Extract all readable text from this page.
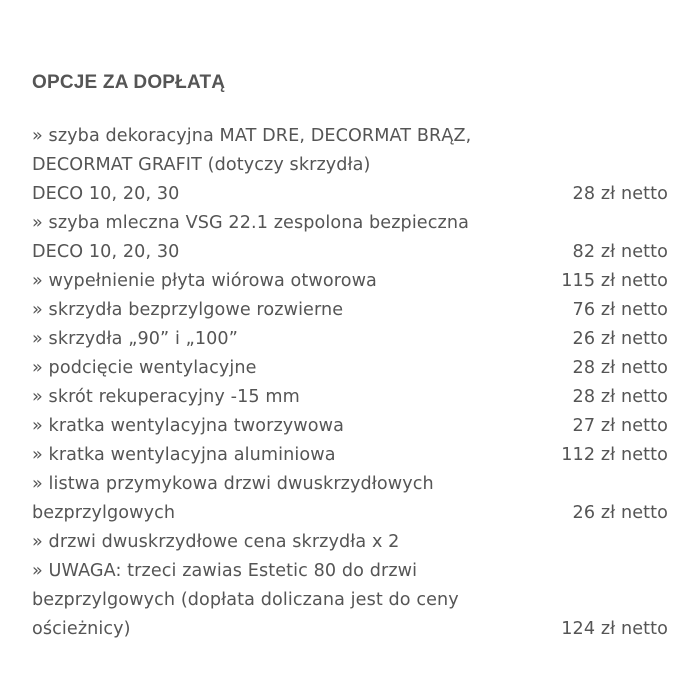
OPCJE ZA DOPŁATĄ
» szyba dekoracyjna MAT DRE, DECORMAT BRĄZ,
DECORMAT GRAFIT (dotyczy skrzydła)
DECO 10, 20, 30	28 zł netto
» szyba mleczna VSG 22.1 zespolona bezpieczna
DECO 10, 20, 30	82 zł netto
» wypełnienie płyta wiórowa otworowa	115 zł netto
» skrzydła bezprzylgowe rozwierne	76 zł netto
» skrzydła „90” i „100”	26 zł netto
» podcięcie wentylacyjne	28 zł netto
» skrót rekuperacyjny -15 mm	28 zł netto
» kratka wentylacyjna tworzywowa	27 zł netto
» kratka wentylacyjna aluminiowa	112 zł netto
» listwa przymykowa drzwi dwuskrzydłowych
bezprzylgowych	26 zł netto
» drzwi dwuskrzydłowe cena skrzydła x 2
» UWAGA: trzeci zawias Estetic 80 do drzwi
bezprzylgowych (dopłata doliczana jest do ceny
ościeżnicy)	124 zł netto
